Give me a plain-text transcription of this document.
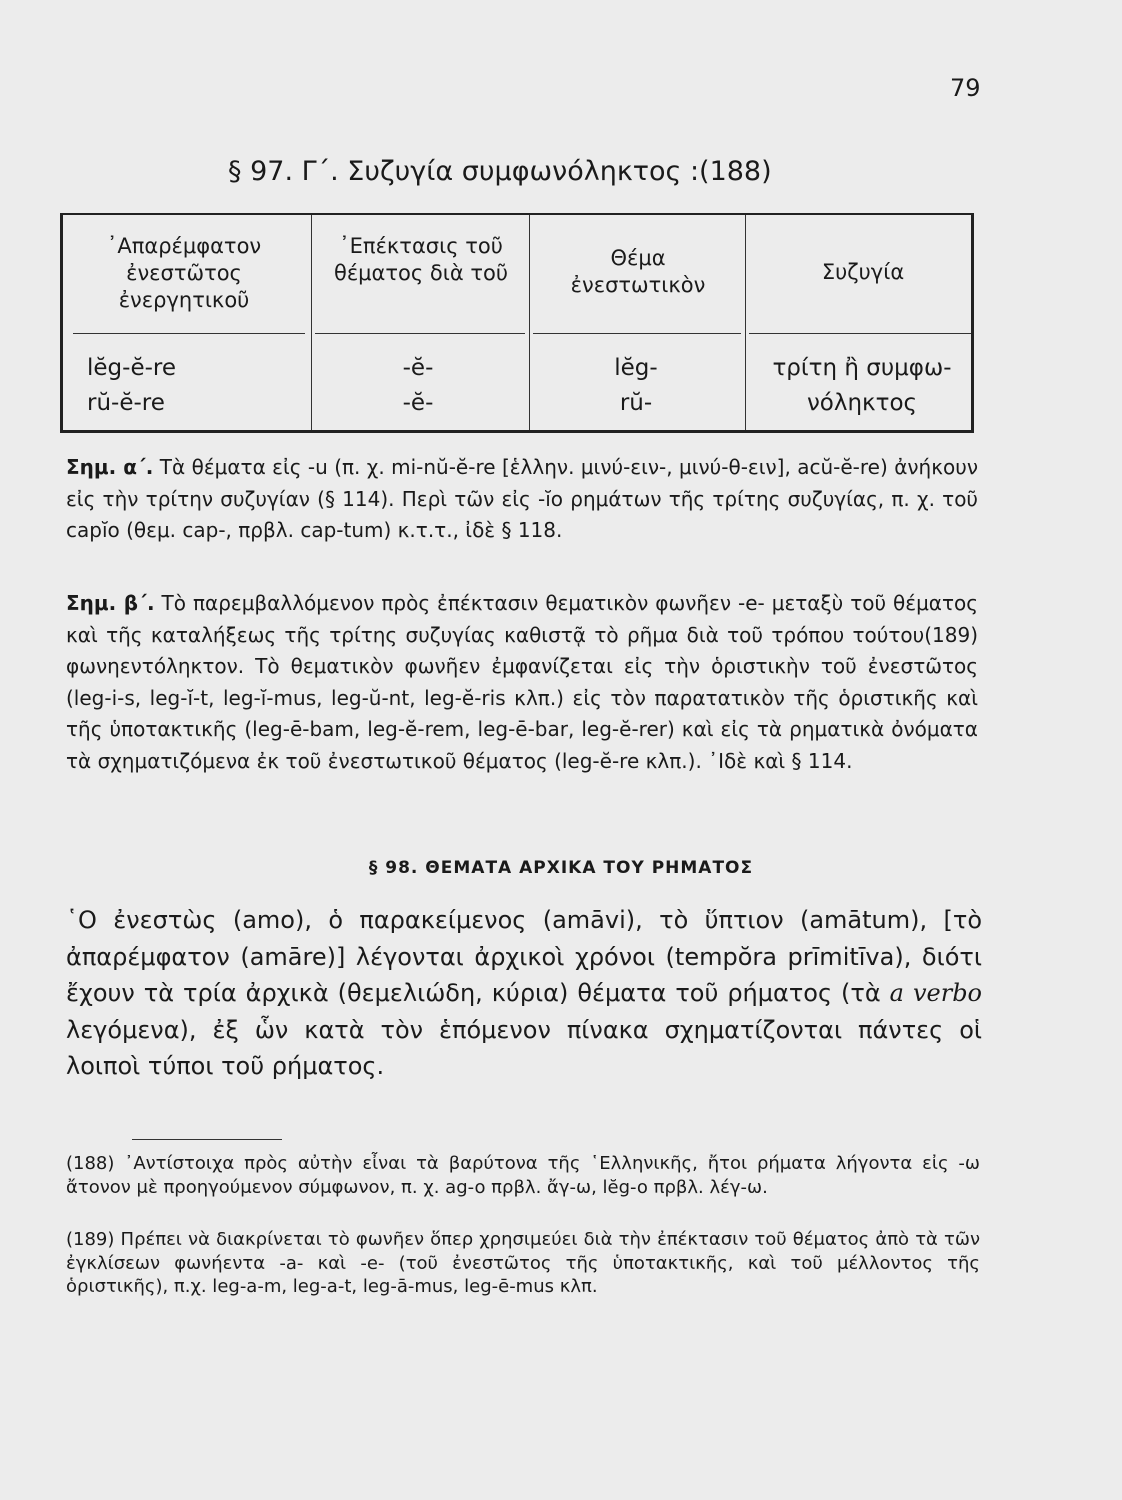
79
§ 97. Γ΄. Συζυγία συμφωνόληκτος :(188)
᾿Απαρέμφατον ἐνεστῶτος ἐνεργητικοῦ
᾿Επέκτασις τοῦ θέματος διὰ τοῦ
Θέμα ἐνεστωτικὸν
Συζυγία
lĕg-ĕ-re
rŭ-ĕ-re
-ĕ-
-ĕ-
lĕg-
rŭ-
τρίτη ἢ συμφω-
νόληκτος

Σημ. α΄. Τὰ θέματα εἰς -u (π. χ. mi-nŭ-ĕ-re [ἑλλην. μινύ-ειν-, μινύ-θ-ειν], acŭ-ĕ-re) ἀνήκουν εἰς τὴν τρίτην συζυγίαν (§ 114). Περὶ τῶν εἰς -ĭo ρημάτων τῆς τρίτης συζυγίας, π. χ. τοῦ capĭo (θεμ. cap-, πρβλ. cap-tum) κ.τ.τ., ἰδὲ § 118.

Σημ. β΄. Τὸ παρεμβαλλόμενον πρὸς ἐπέκτασιν θεματικὸν φωνῆεν -e- μεταξὺ τοῦ θέματος καὶ τῆς καταλήξεως τῆς τρίτης συζυγίας καθιστᾷ τὸ ρῆμα διὰ τοῦ τρόπου τούτου(189) φωνηεντόληκτον. Τὸ θεματικὸν φωνῆεν ἐμφανίζεται εἰς τὴν ὁριστικὴν τοῦ ἐνεστῶτος (leg-i-s, leg-ĭ-t, leg-ĭ-mus, leg-ŭ-nt, leg-ĕ-ris κλπ.) εἰς τὸν παρατατικὸν τῆς ὁριστικῆς καὶ τῆς ὑποτακτικῆς (leg-ē-bam, leg-ĕ-rem, leg-ē-bar, leg-ĕ-rer) καὶ εἰς τὰ ρηματικὰ ὀνόματα τὰ σχηματιζόμενα ἐκ τοῦ ἐνεστωτικοῦ θέματος (leg-ĕ-re κλπ.). ᾿Ιδὲ καὶ § 114.

§ 98. ΘΕΜΑΤΑ ΑΡΧΙΚΑ ΤΟΥ ΡΗΜΑΤΟΣ

῾Ο ἐνεστὼς (amo), ὁ παρακείμενος (amāvi), τὸ ὕπτιον (amātum), [τὸ ἀπαρέμφατον (amāre)] λέγονται ἀρχικοὶ χρόνοι (tempŏra prīmitīva), διότι ἔχουν τὰ τρία ἀρχικὰ (θεμελιώδη, κύρια) θέματα τοῦ ρήματος (τὰ a verbo λεγόμενα), ἐξ ὧν κατὰ τὸν ἑπόμενον πίνακα σχηματίζονται πάντες οἱ λοιποὶ τύποι τοῦ ρήματος.

(188) ᾿Αντίστοιχα πρὸς αὐτὴν εἶναι τὰ βαρύτονα τῆς ῾Ελληνικῆς, ἤτοι ρήματα λήγοντα εἰς -ω ἄτονον μὲ προηγούμενον σύμφωνον, π. χ. ag-o πρβλ. ἄγ-ω, lĕg-o πρβλ. λέγ-ω.

(189) Πρέπει νὰ διακρίνεται τὸ φωνῆεν ὅπερ χρησιμεύει διὰ τὴν ἐπέκτασιν τοῦ θέματος ἀπὸ τὰ τῶν ἐγκλίσεων φωνήεντα -a- καὶ -e- (τοῦ ἐνεστῶτος τῆς ὑποτακτικῆς, καὶ τοῦ μέλλοντος τῆς ὁριστικῆς), π.χ. leg-a-m, leg-a-t, leg-ā-mus, leg-ē-mus κλπ.
